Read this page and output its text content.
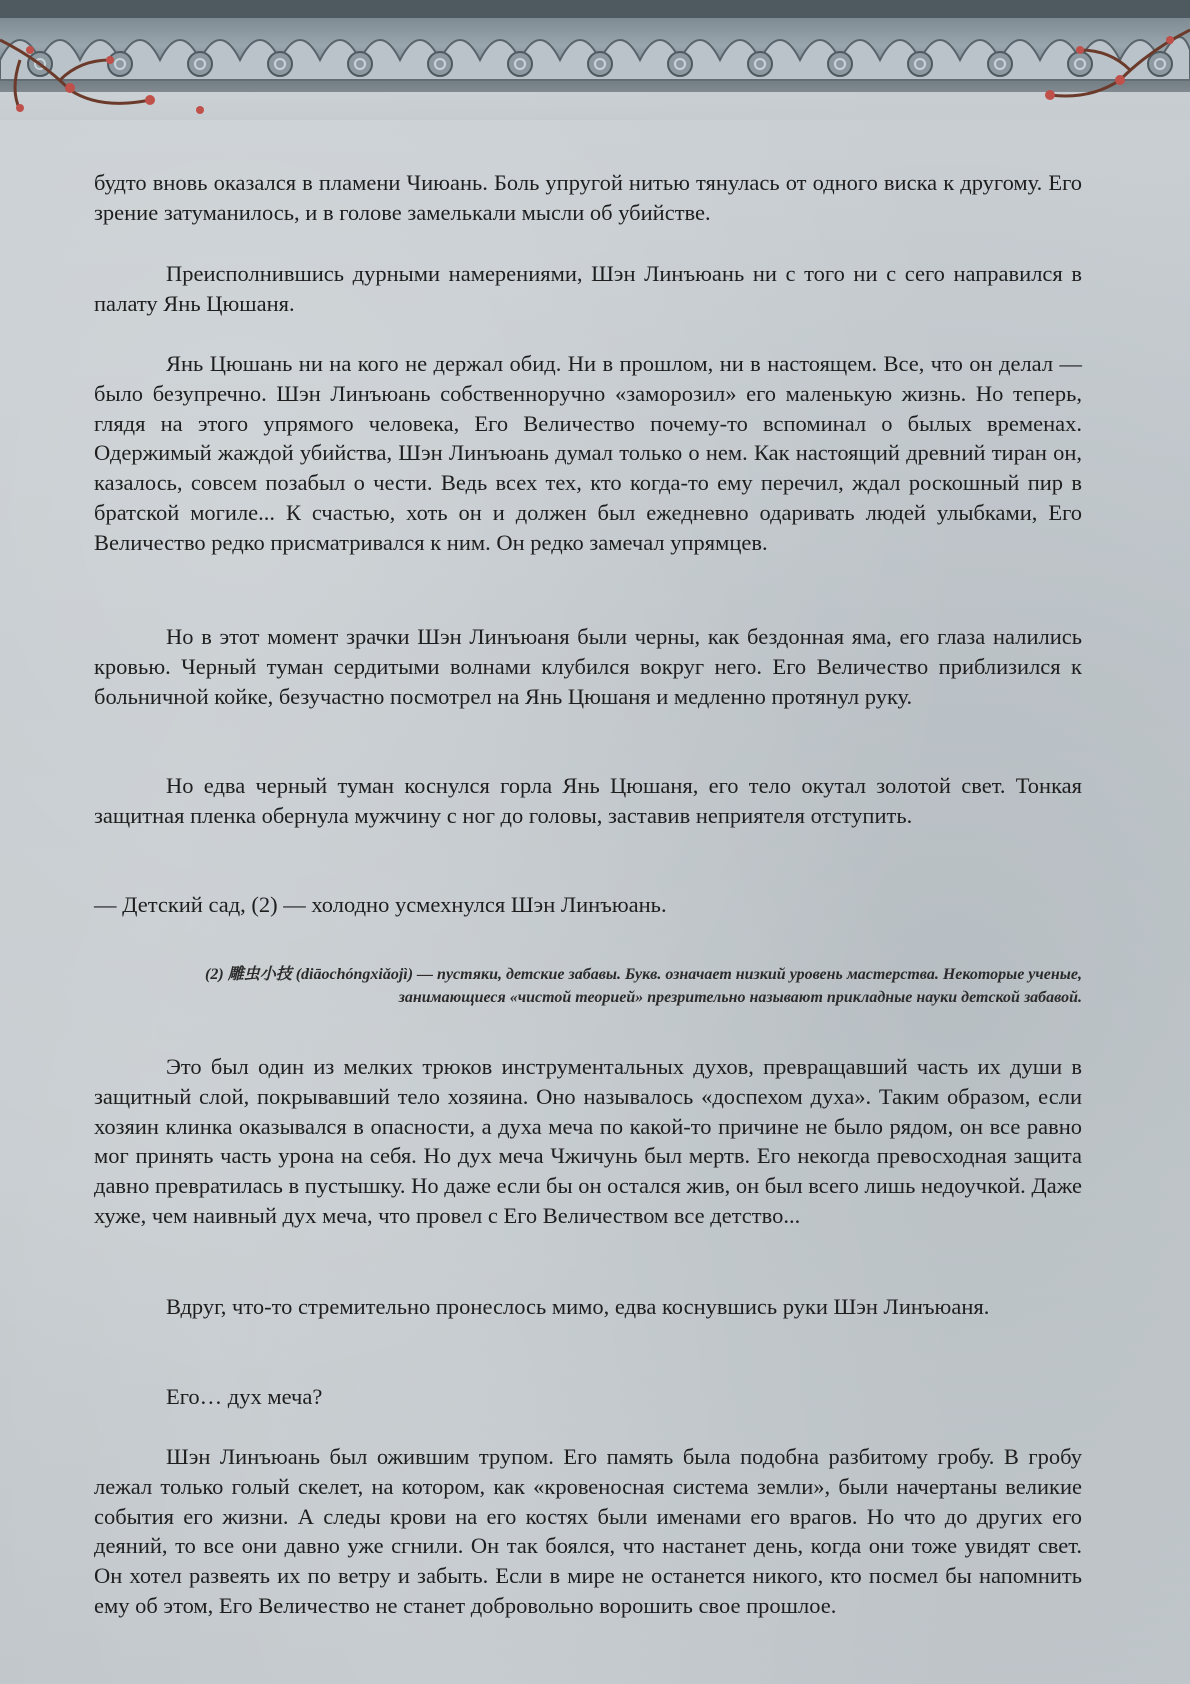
будто вновь оказался в пламени Чиюань. Боль упругой нитью тянулась от одного виска к другому. Его зрение затуманилось, и в голове замелькали мысли об убийстве.

Преисполнившись дурными намерениями, Шэн Линъюань ни с того ни с сего направился в палату Янь Цюшаня.

Янь Цюшань ни на кого не держал обид. Ни в прошлом, ни в настоящем. Все, что он делал — было безупречно. Шэн Линъюань собственноручно «заморозил» его маленькую жизнь. Но теперь, глядя на этого упрямого человека, Его Величество почему-то вспоминал о былых временах. Одержимый жаждой убийства, Шэн Линъюань думал только о нем. Как настоящий древний тиран он, казалось, совсем позабыл о чести. Ведь всех тех, кто когда-то ему перечил, ждал роскошный пир в братской могиле... К счастью, хоть он и должен был ежедневно одаривать людей улыбками, Его Величество редко присматривался к ним. Он редко замечал упрямцев.

Но в этот момент зрачки Шэн Линъюаня были черны, как бездонная яма, его глаза налились кровью. Черный туман сердитыми волнами клубился вокруг него. Его Величество приблизился к больничной койке, безучастно посмотрел на Янь Цюшаня и медленно протянул руку.

Но едва черный туман коснулся горла Янь Цюшаня, его тело окутал золотой свет. Тонкая защитная пленка обернула мужчину с ног до головы, заставив неприятеля отступить.

— Детский сад, (2) — холодно усмехнулся Шэн Линъюань.

(2) 雕虫小技 (diāochóngxiǎojì) — пустяки, детские забавы. Букв. означает низкий уровень мастерства. Некоторые ученые, занимающиеся «чистой теорией» презрительно называют прикладные науки детской забавой.

Это был один из мелких трюков инструментальных духов, превращавший часть их души в защитный слой, покрывавший тело хозяина. Оно называлось «доспехом духа». Таким образом, если хозяин клинка оказывался в опасности, а духа меча по какой-то причине не было рядом, он все равно мог принять часть урона на себя. Но дух меча Чжичунь был мертв. Его некогда превосходная защита давно превратилась в пустышку. Но даже если бы он остался жив, он был всего лишь недоучкой. Даже хуже, чем наивный дух меча, что провел с Его Величеством все детство...

Вдруг, что-то стремительно пронеслось мимо, едва коснувшись руки Шэн Линъюаня.

Его… дух меча?

Шэн Линъюань был ожившим трупом. Его память была подобна разбитому гробу. В гробу лежал только голый скелет, на котором, как «кровеносная система земли», были начертаны великие события его жизни. А следы крови на его костях были именами его врагов. Но что до других его деяний, то все они давно уже сгнили. Он так боялся, что настанет день, когда они тоже увидят свет. Он хотел развеять их по ветру и забыть. Если в мире не останется никого, кто посмел бы напомнить ему об этом, Его Величество не станет добровольно ворошить свое прошлое.
